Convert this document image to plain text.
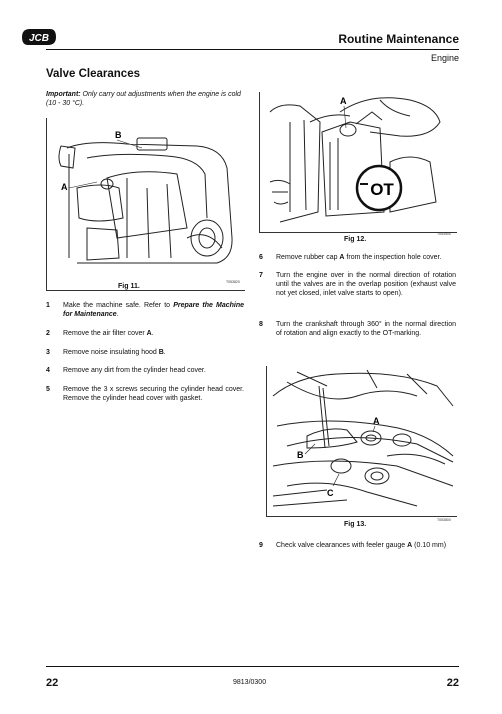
JCB	Routine Maintenance
Engine
Valve Clearances
Important: Only carry out adjustments when the engine is cold (10 - 30 °C).
A
B
Fig 11.
T053820
1 Make the machine safe. Refer to Prepare the Machine for Maintenance.
2 Remove the air filter cover A.
3 Remove noise insulating hood B.
4 Remove any dirt from the cylinder head cover.
5 Remove the 3 x screws securing the cylinder head cover. Remove the cylinder head cover with gasket.
OT
A
Fig 12.
T053900
6 Remove rubber cap A from the inspection hole cover.
7 Turn the engine over in the normal direction of rotation until the valves are in the overlap position (exhaust valve not yet closed, inlet valve starts to open).
8 Turn the crankshaft through 360° in the normal direction of rotation and align exactly to the OT-marking.
A
B
C
Fig 13.
T053800
9 Check valve clearances with feeler gauge A (0.10 mm)
22	9813/0300	22
